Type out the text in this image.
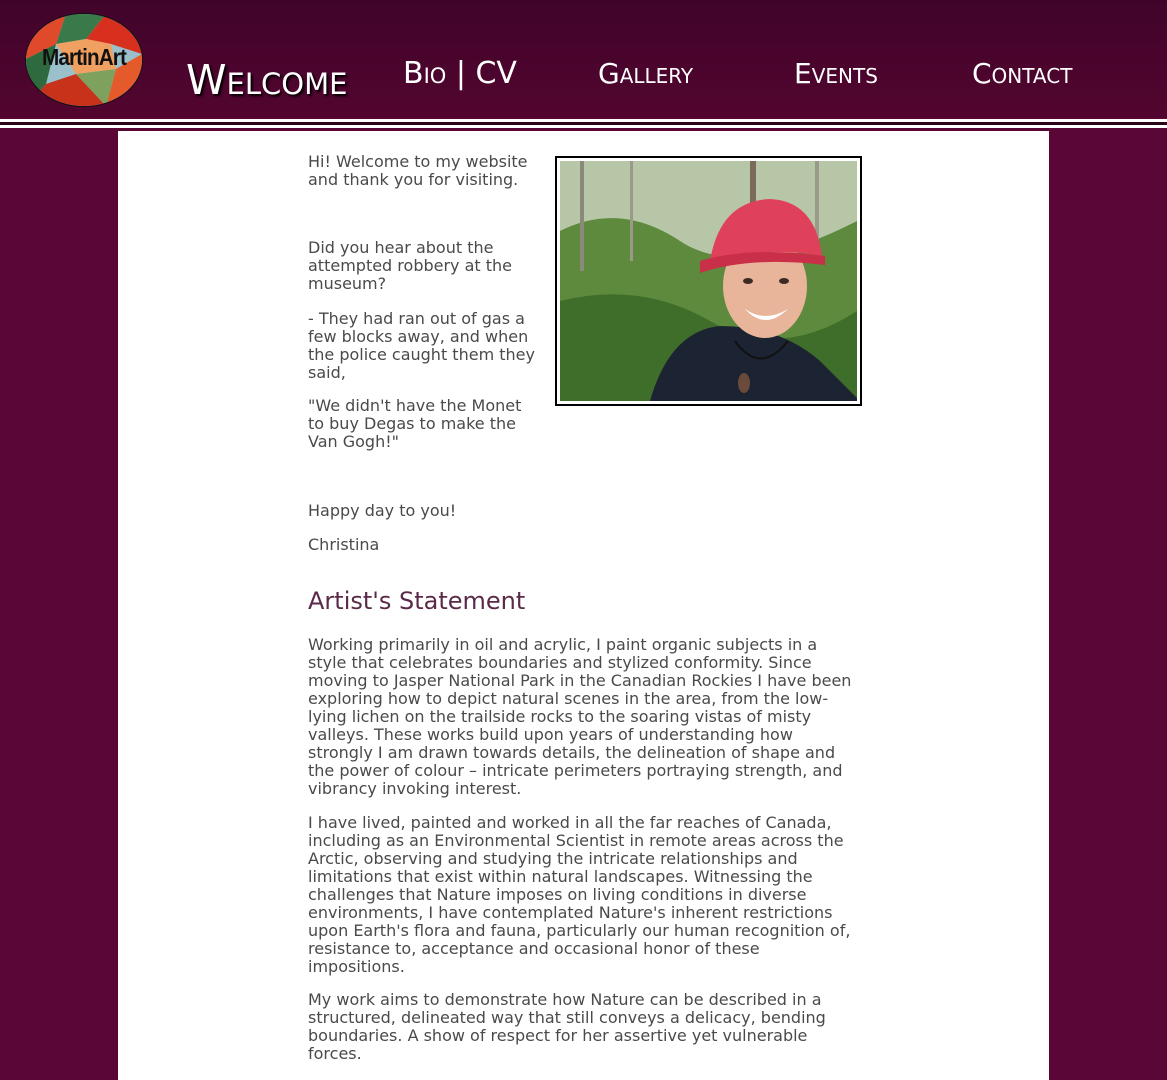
MartinArt Welcome Bio | CV	Gallery	Events	Contact

Hi! Welcome to my website and thank you for visiting.

Did you hear about the attempted robbery at the museum?

- They had ran out of gas a few blocks away, and when the police caught them they said,

"We didn't have the Monet to buy Degas to make the Van Gogh!"

Happy day to you!

Christina

Artist's Statement

Working primarily in oil and acrylic, I paint organic subjects in a style that celebrates boundaries and stylized conformity. Since moving to Jasper National Park in the Canadian Rockies I have been exploring how to depict natural scenes in the area, from the low-lying lichen on the trailside rocks to the soaring vistas of misty valleys. These works build upon years of understanding how strongly I am drawn towards details, the delineation of shape and the power of colour – intricate perimeters portraying strength, and vibrancy invoking interest.

I have lived, painted and worked in all the far reaches of Canada, including as an Environmental Scientist in remote areas across the Arctic, observing and studying the intricate relationships and limitations that exist within natural landscapes. Witnessing the challenges that Nature imposes on living conditions in diverse environments, I have contemplated Nature's inherent restrictions upon Earth's flora and fauna, particularly our human recognition of, resistance to, acceptance and occasional honor of these impositions.

My work aims to demonstrate how Nature can be described in a structured, delineated way that still conveys a delicacy, bending boundaries. A show of respect for her assertive yet vulnerable forces.
